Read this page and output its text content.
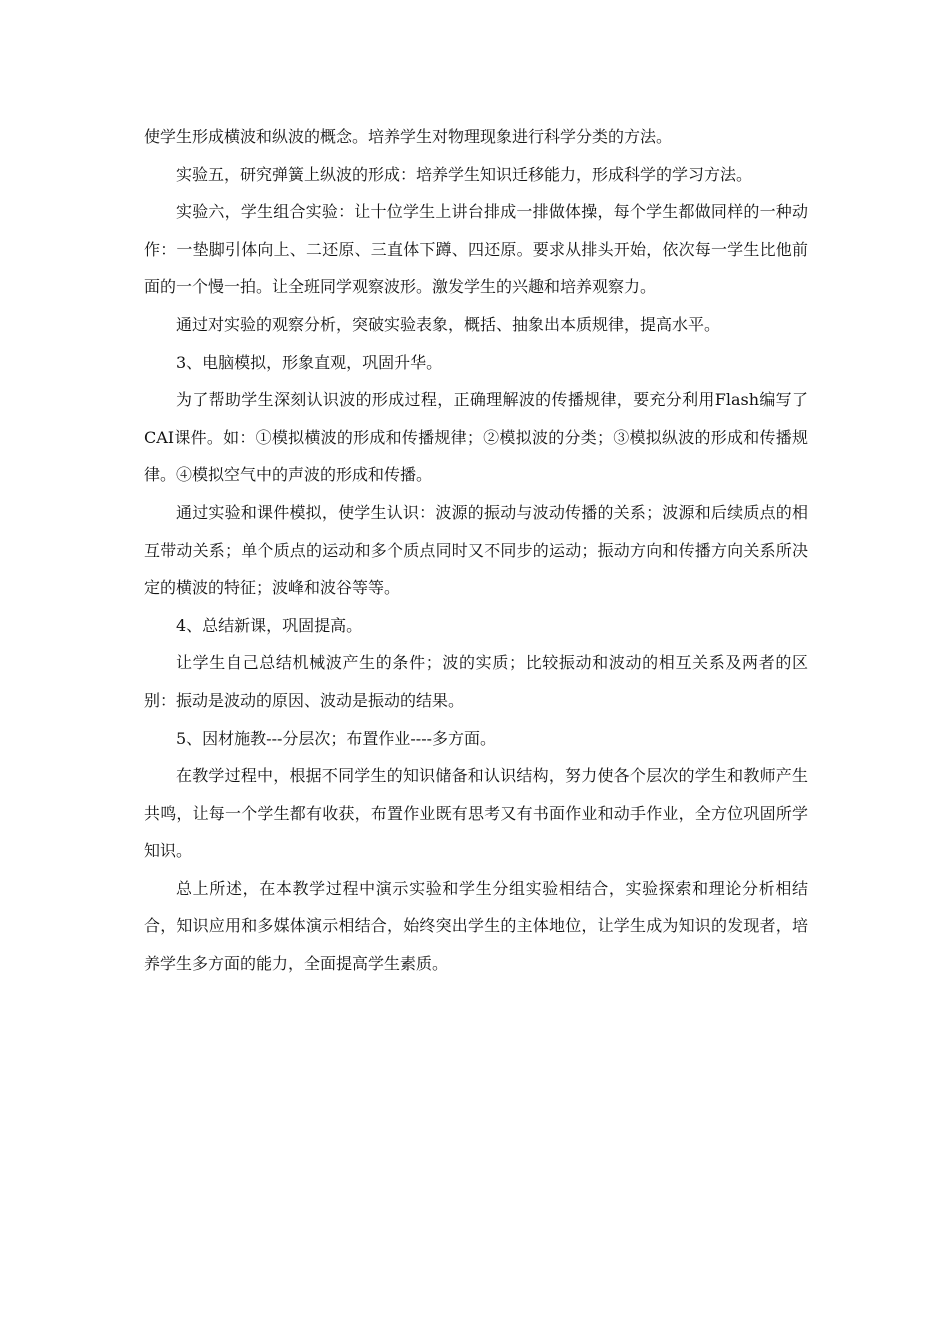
使学生形成横波和纵波的概念。培养学生对物理现象进行科学分类的方法。

实验五，研究弹簧上纵波的形成：培养学生知识迁移能力，形成科学的学习方法。

实验六，学生组合实验：让十位学生上讲台排成一排做体操，每个学生都做同样的一种动作：一垫脚引体向上、二还原、三直体下蹲、四还原。要求从排头开始，依次每一学生比他前面的一个慢一拍。让全班同学观察波形。激发学生的兴趣和培养观察力。

通过对实验的观察分析，突破实验表象，概括、抽象出本质规律，提高水平。

3、电脑模拟，形象直观，巩固升华。

为了帮助学生深刻认识波的形成过程，正确理解波的传播规律，要充分利用Flash编写了CAI课件。如：①模拟横波的形成和传播规律；②模拟波的分类；③模拟纵波的形成和传播规律。④模拟空气中的声波的形成和传播。

通过实验和课件模拟，使学生认识：波源的振动与波动传播的关系；波源和后续质点的相互带动关系；单个质点的运动和多个质点同时又不同步的运动；振动方向和传播方向关系所决定的横波的特征；波峰和波谷等等。

4、总结新课，巩固提高。

让学生自己总结机械波产生的条件；波的实质；比较振动和波动的相互关系及两者的区别：振动是波动的原因、波动是振动的结果。

5、因材施教---分层次；布置作业----多方面。

在教学过程中，根据不同学生的知识储备和认识结构，努力使各个层次的学生和教师产生共鸣，让每一个学生都有收获，布置作业既有思考又有书面作业和动手作业，全方位巩固所学知识。

总上所述，在本教学过程中演示实验和学生分组实验相结合，实验探索和理论分析相结合，知识应用和多媒体演示相结合，始终突出学生的主体地位，让学生成为知识的发现者，培养学生多方面的能力，全面提高学生素质。
